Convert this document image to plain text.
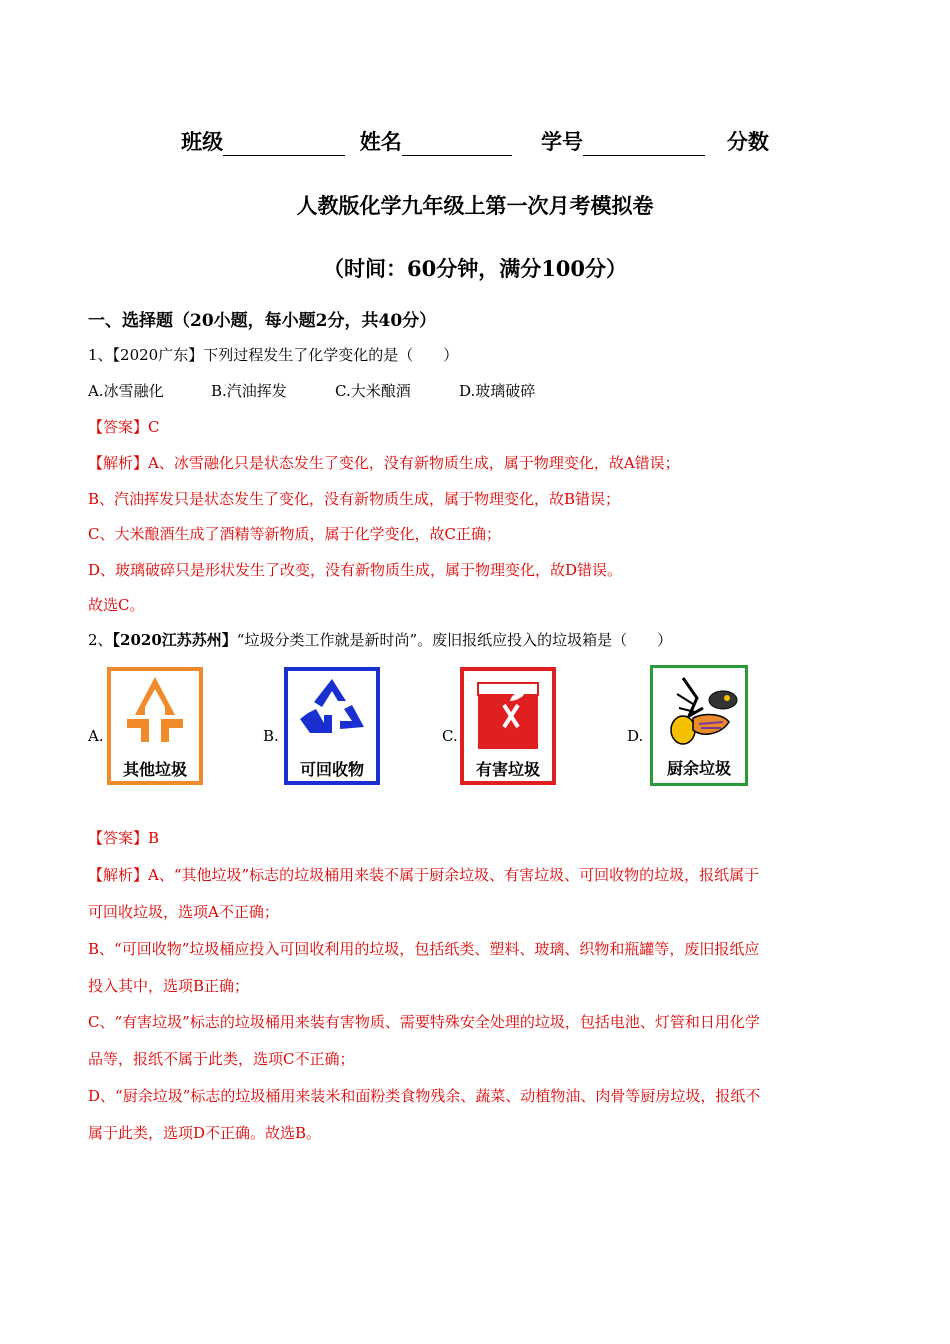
班级	姓名	学号	分数
人教版化学九年级上第一次月考模拟卷
（时间：60分钟，满分100分）
一、选择题（20小题，每小题2分，共40分）
1、【2020广东】下列过程发生了化学变化的是（　　）
A.冰雪融化	B.汽油挥发	C.大米酿酒	D.玻璃破碎
【答案】C
【解析】A、冰雪融化只是状态发生了变化，没有新物质生成，属于物理变化，故A错误；
B、汽油挥发只是状态发生了变化，没有新物质生成，属于物理变化，故B错误；
C、大米酿酒生成了酒精等新物质，属于化学变化，故C正确；
D、玻璃破碎只是形状发生了改变，没有新物质生成，属于物理变化，故D错误。
故选C。
2、【2020江苏苏州】“垃圾分类工作就是新时尚”。废旧报纸应投入的垃圾箱是（　　）
A.
其他垃圾
B.
可回收物
C.
有害垃圾
D.
厨余垃圾
【答案】B
【解析】A、“其他垃圾”标志的垃圾桶用来装不属于厨余垃圾、有害垃圾、可回收物的垃圾，报纸属于
可回收垃圾，选项A不正确；
B、“可回收物”垃圾桶应投入可回收利用的垃圾，包括纸类、塑料、玻璃、织物和瓶罐等，废旧报纸应
投入其中，选项B正确；
C、“有害垃圾”标志的垃圾桶用来装有害物质、需要特殊安全处理的垃圾，包括电池、灯管和日用化学
品等，报纸不属于此类，选项C不正确；
D、“厨余垃圾”标志的垃圾桶用来装米和面粉类食物残余、蔬菜、动植物油、肉骨等厨房垃圾，报纸不
属于此类，选项D不正确。故选B。
